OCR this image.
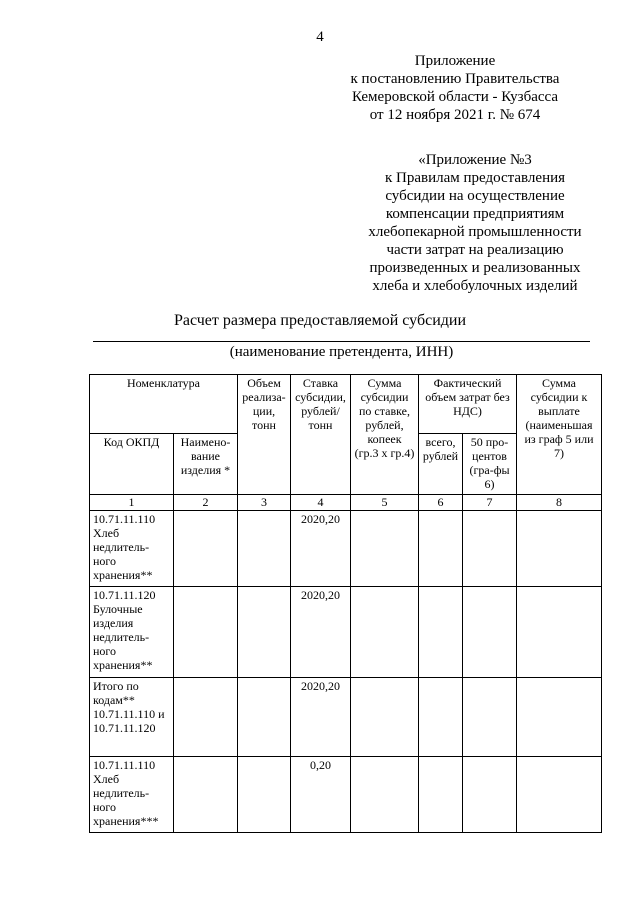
4
Приложение
к постановлению Правительства
Кемеровской области - Кузбасса
от 12 ноября 2021 г. № 674
«Приложение №3
к Правилам предоставления
субсидии на осуществление
компенсации предприятиям
хлебопекарной промышленности
части затрат на реализацию
произведенных и реализованных
хлеба и хлебобулочных изделий
Расчет размера предоставляемой субсидии
(наименование претендента, ИНН)
Номенклатура		Объем реализа-ции, тонн	Ставка субсидии, рублей/ тонн	Сумма субсидии по ставке, рублей, копеек (гр.3 x гр.4)	Фактический объем затрат без НДС)		Сумма субсидии к выплате (наименьшая из граф 5 или 7)
Код ОКПД	Наимено-вание изделия *				всего, рублей	50 про-центов (гра-фы 6)	
1	2	3	4	5	6	7	8
10.71.11.110 Хлеб недлитель-ного хранения**			2020,20				
10.71.11.120 Булочные изделия недлитель-ного хранения**			2020,20				
Итого по кодам** 10.71.11.110 и 10.71.11.120			2020,20				
10.71.11.110 Хлеб недлитель-ного хранения***			0,20				
